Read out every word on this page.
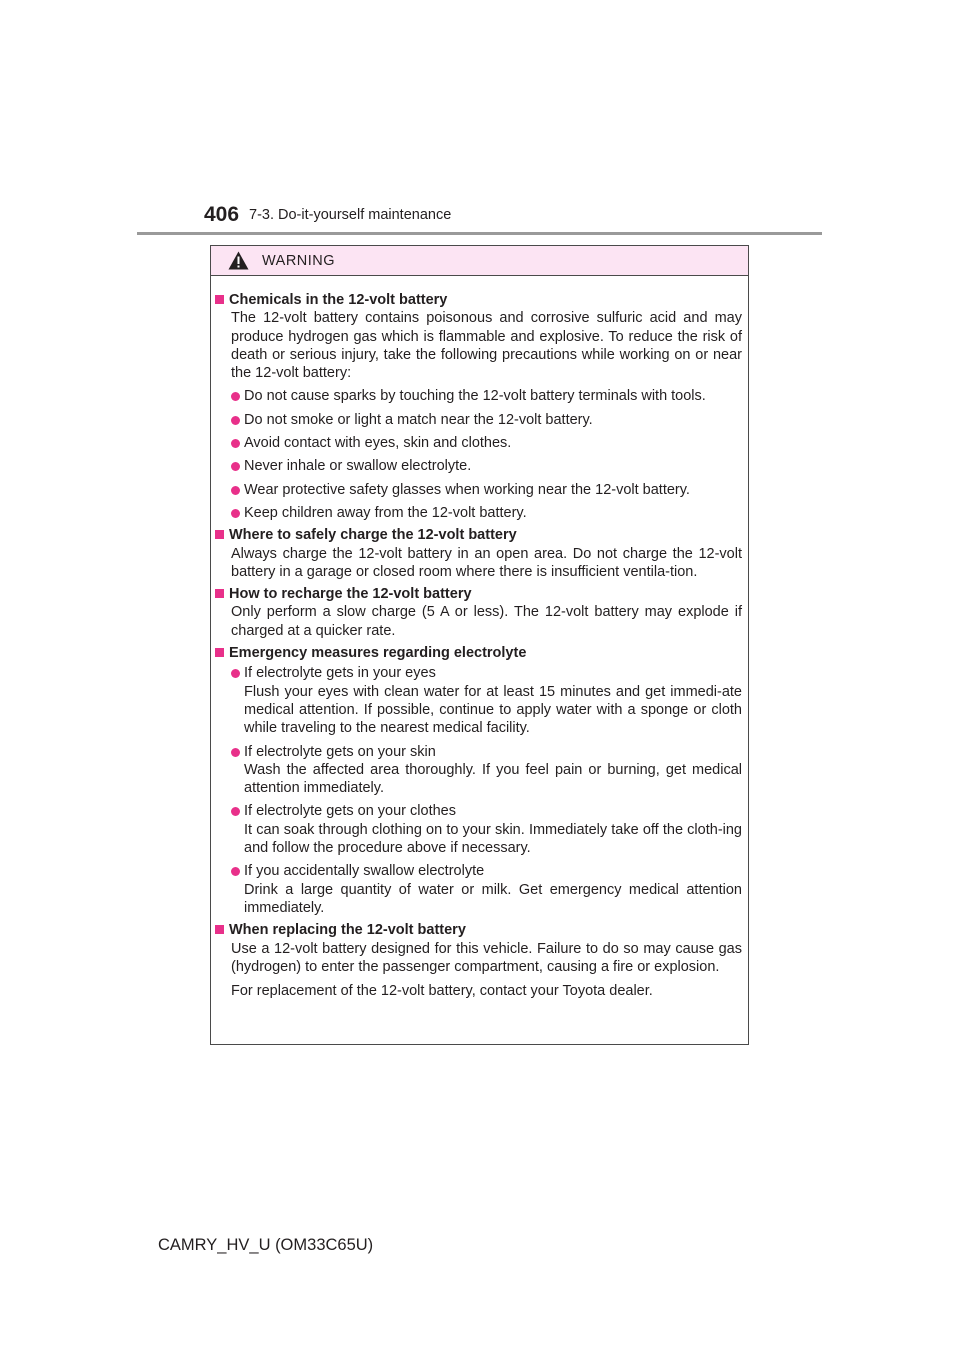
406 7-3. Do-it-yourself maintenance
WARNING
Chemicals in the 12-volt battery
The 12-volt battery contains poisonous and corrosive sulfuric acid and may produce hydrogen gas which is flammable and explosive. To reduce the risk of death or serious injury, take the following precautions while working on or near the 12-volt battery:
Do not cause sparks by touching the 12-volt battery terminals with tools.
Do not smoke or light a match near the 12-volt battery.
Avoid contact with eyes, skin and clothes.
Never inhale or swallow electrolyte.
Wear protective safety glasses when working near the 12-volt battery.
Keep children away from the 12-volt battery.
Where to safely charge the 12-volt battery
Always charge the 12-volt battery in an open area. Do not charge the 12-volt battery in a garage or closed room where there is insufficient ventila-tion.
How to recharge the 12-volt battery
Only perform a slow charge (5 A or less). The 12-volt battery may explode if charged at a quicker rate.
Emergency measures regarding electrolyte
If electrolyte gets in your eyes
Flush your eyes with clean water for at least 15 minutes and get immedi-ate medical attention. If possible, continue to apply water with a sponge or cloth while traveling to the nearest medical facility.
If electrolyte gets on your skin
Wash the affected area thoroughly. If you feel pain or burning, get medical attention immediately.
If electrolyte gets on your clothes
It can soak through clothing on to your skin. Immediately take off the cloth-ing and follow the procedure above if necessary.
If you accidentally swallow electrolyte
Drink a large quantity of water or milk. Get emergency medical attention immediately.
When replacing the 12-volt battery
Use a 12-volt battery designed for this vehicle. Failure to do so may cause gas (hydrogen) to enter the passenger compartment, causing a fire or explosion.
For replacement of the 12-volt battery, contact your Toyota dealer.
CAMRY_HV_U (OM33C65U)
